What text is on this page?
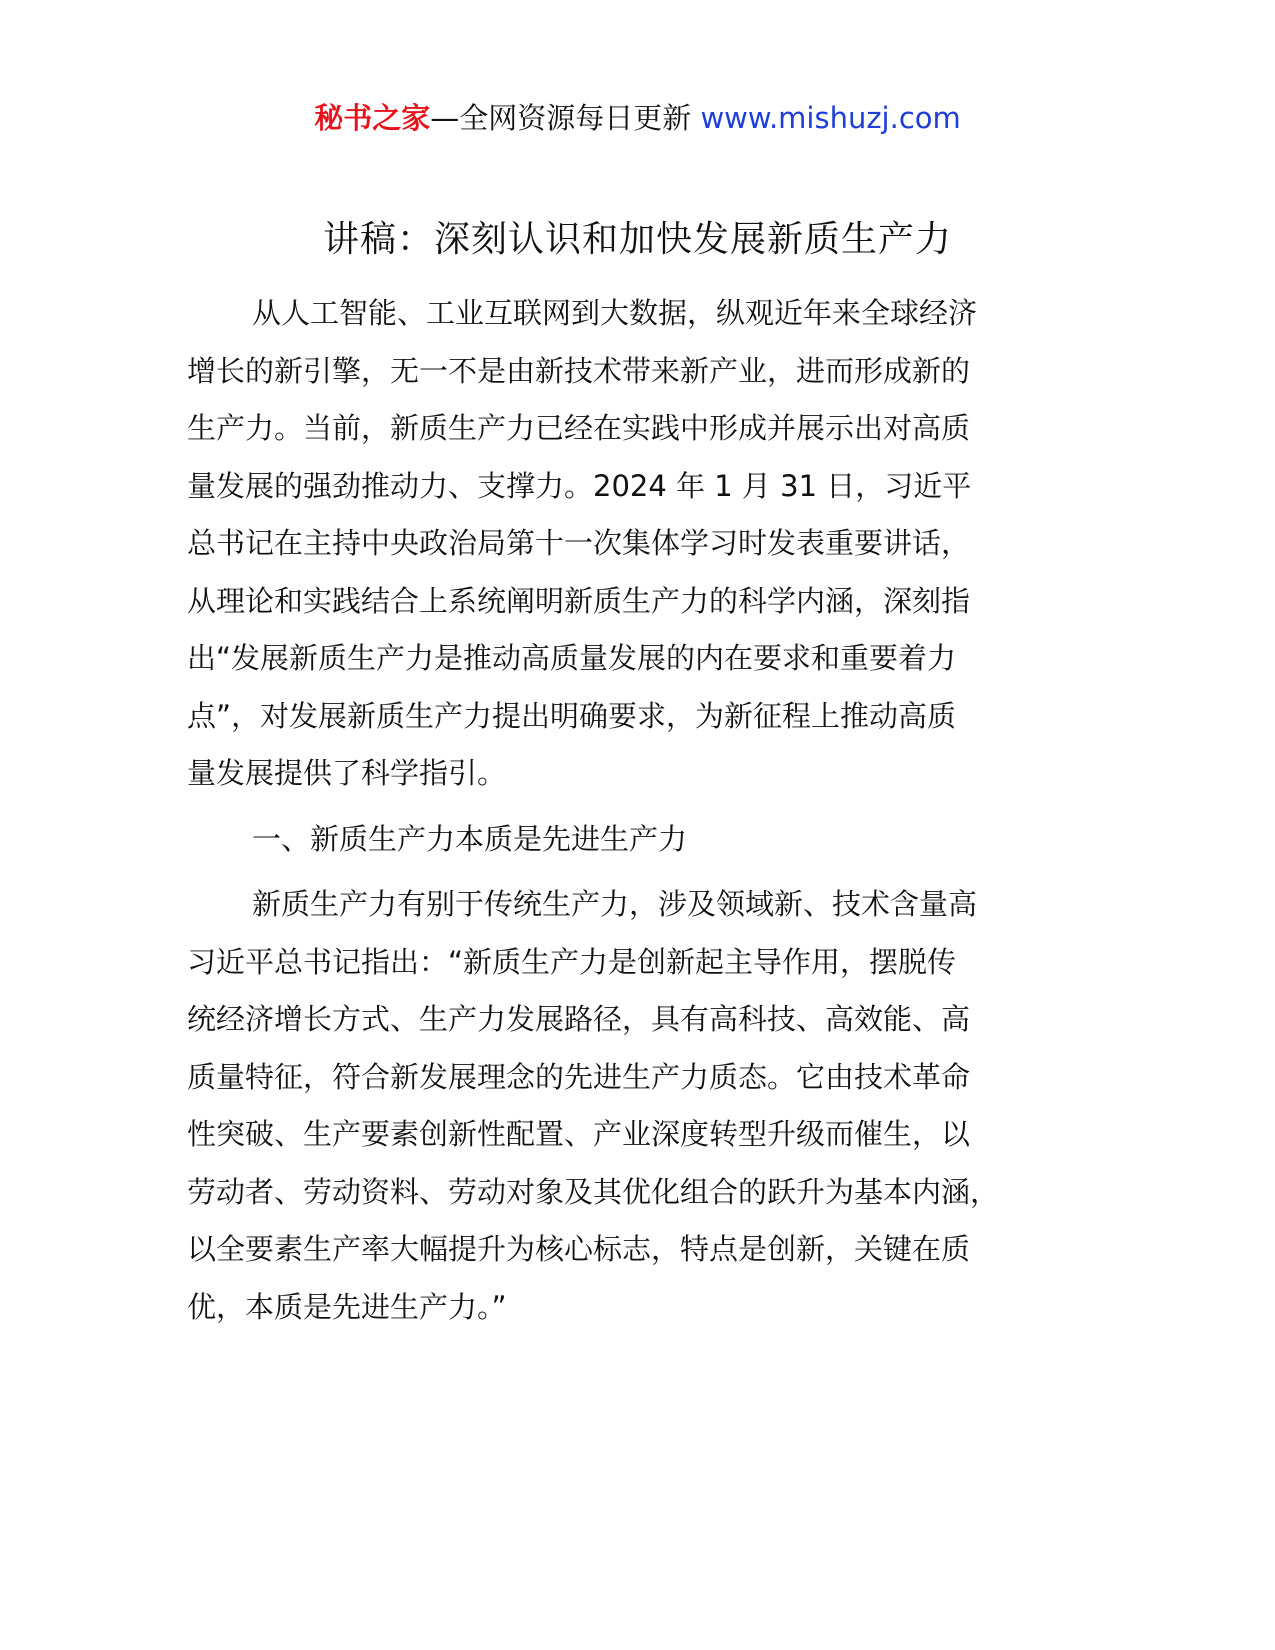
秘书之家—全网资源每日更新 www.mishuzj.com
讲稿：深刻认识和加快发展新质生产力
从人工智能、工业互联网到大数据，纵观近年来全球经济
增长的新引擎，无一不是由新技术带来新产业，进而形成新的
生产力。当前，新质生产力已经在实践中形成并展示出对高质
量发展的强劲推动力、支撑力。2024 年 1 月 31 日，习近平
总书记在主持中央政治局第十一次集体学习时发表重要讲话，
从理论和实践结合上系统阐明新质生产力的科学内涵，深刻指
出“发展新质生产力是推动高质量发展的内在要求和重要着力
点”，对发展新质生产力提出明确要求，为新征程上推动高质
量发展提供了科学指引。
一、新质生产力本质是先进生产力
新质生产力有别于传统生产力，涉及领域新、技术含量高
习近平总书记指出：“新质生产力是创新起主导作用，摆脱传
统经济增长方式、生产力发展路径，具有高科技、高效能、高
质量特征，符合新发展理念的先进生产力质态。它由技术革命
性突破、生产要素创新性配置、产业深度转型升级而催生，以
劳动者、劳动资料、劳动对象及其优化组合的跃升为基本内涵，
以全要素生产率大幅提升为核心标志，特点是创新，关键在质
优，本质是先进生产力。”
